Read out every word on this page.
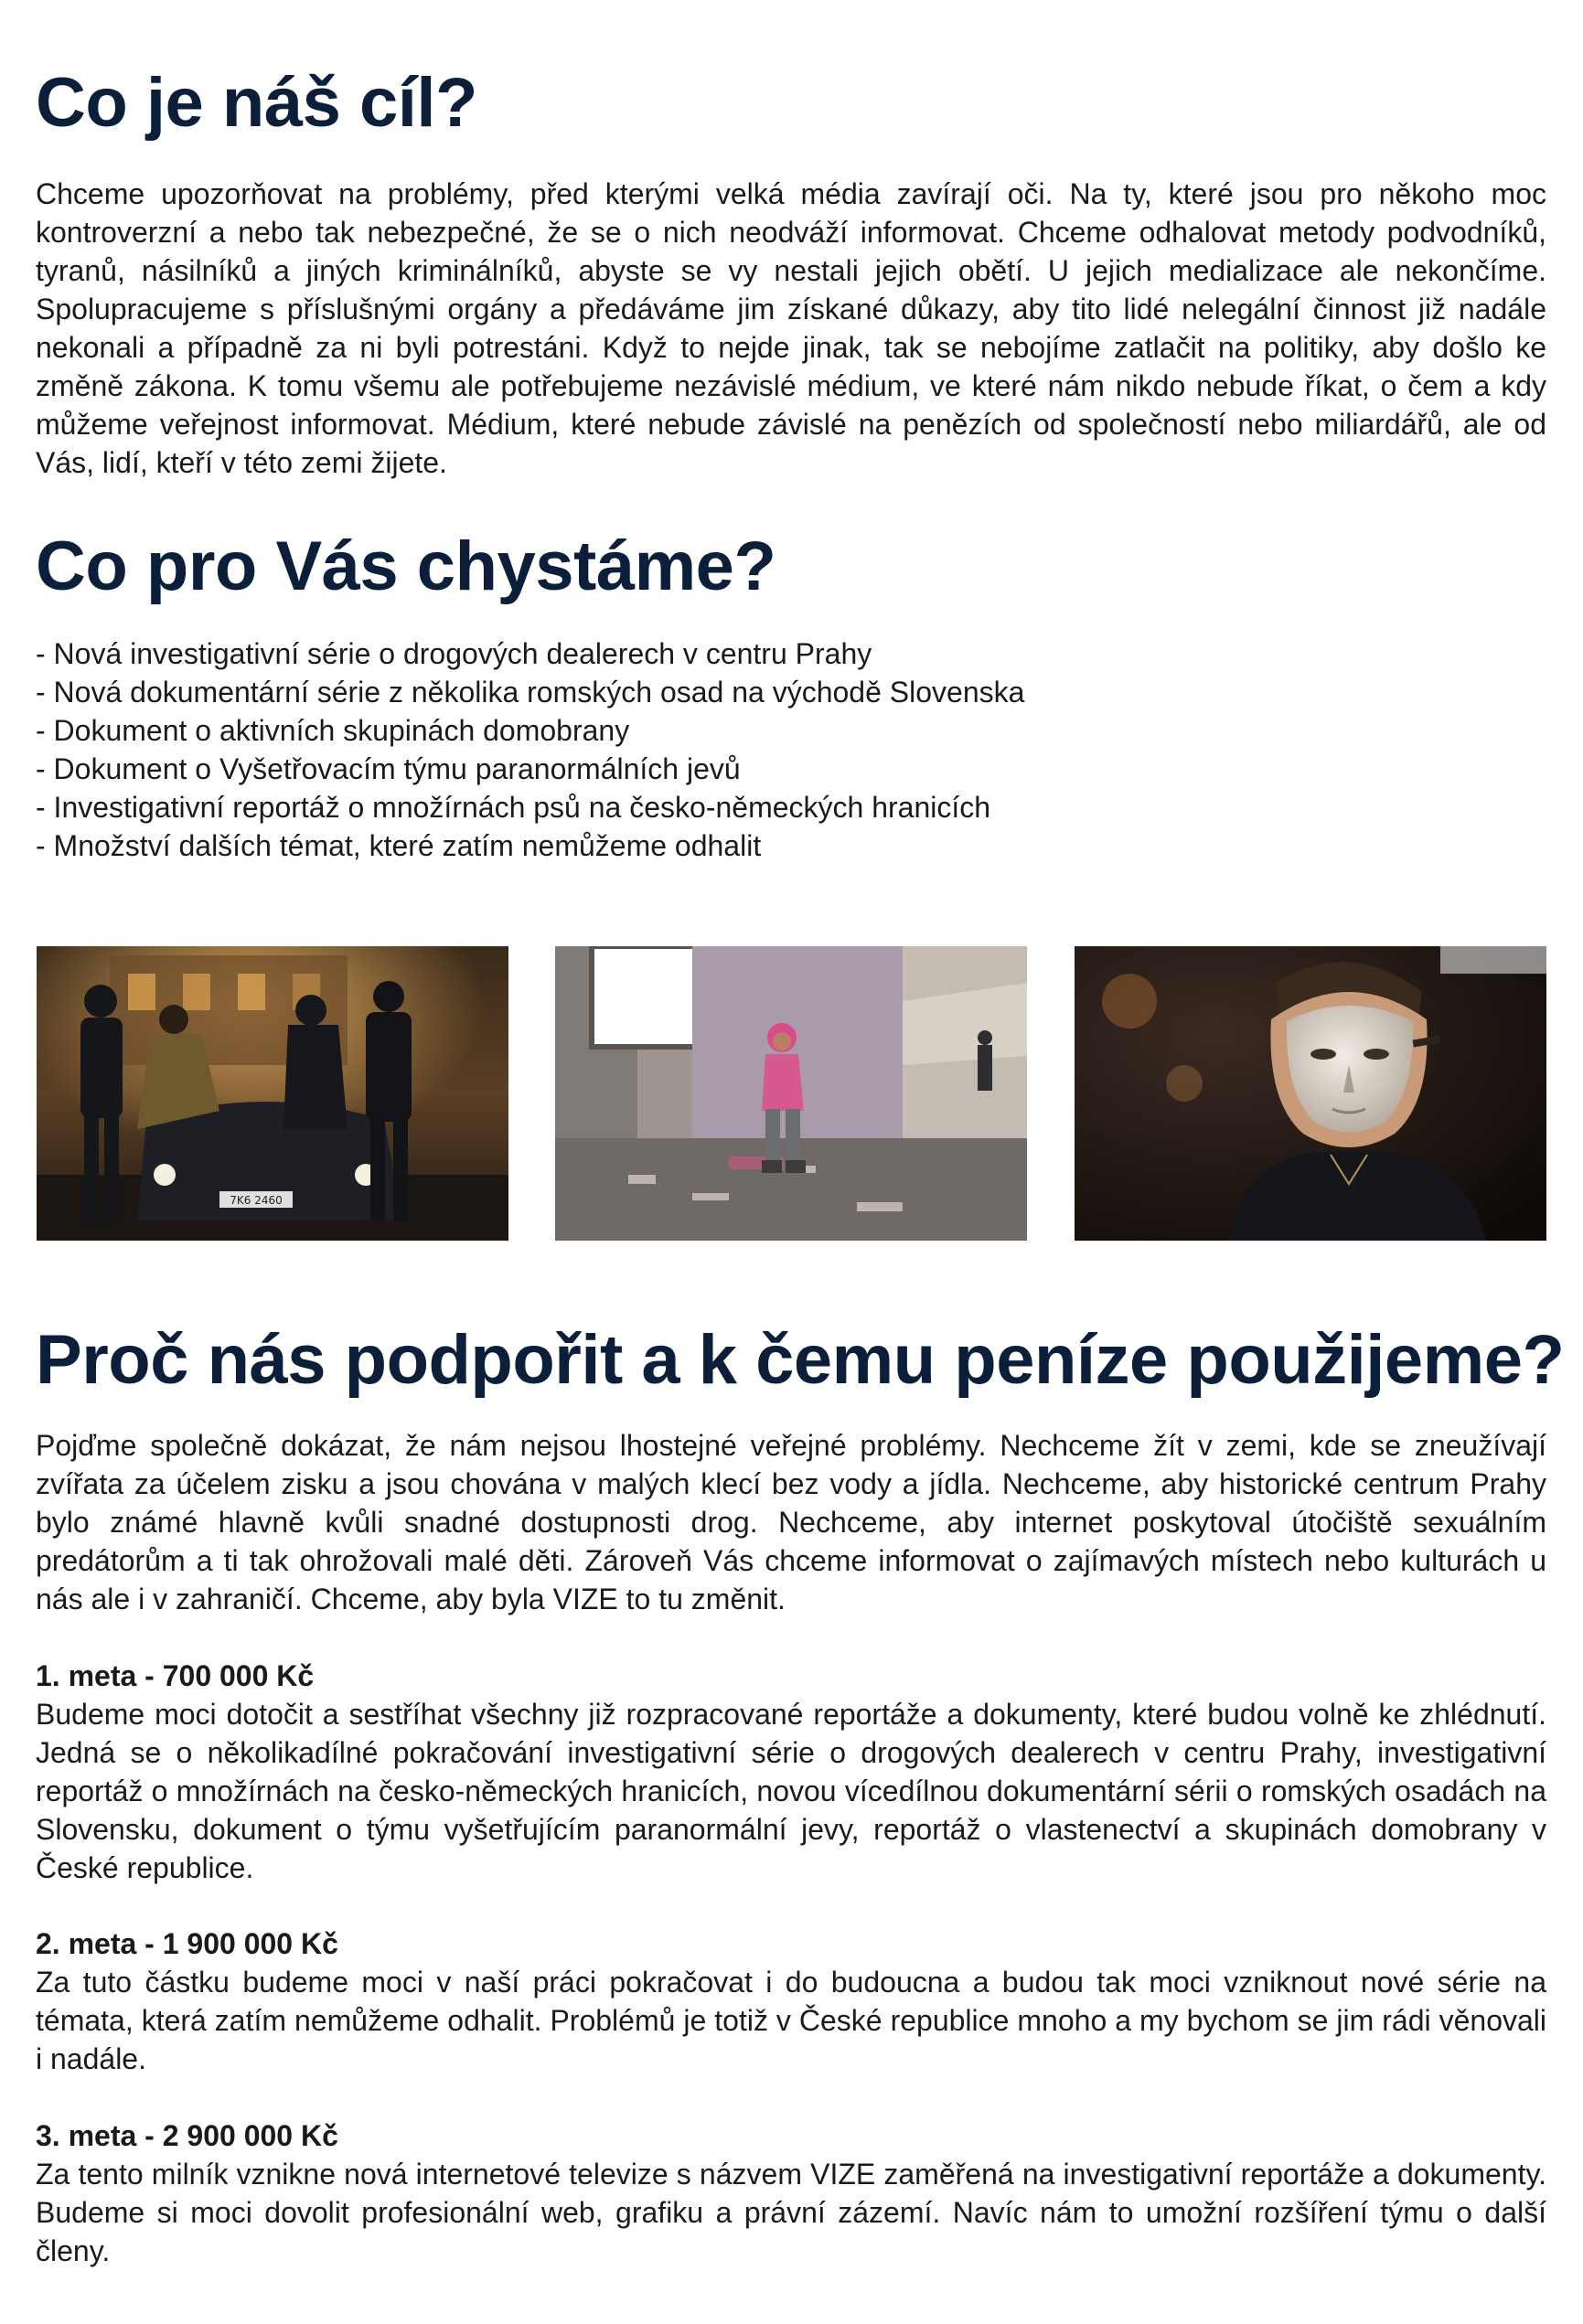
Co je náš cíl?

Chceme upozorňovat na problémy, před kterými velká média zavírají oči. Na ty, které jsou pro někoho moc kontroverzní a nebo tak nebezpečné, že se o nich neodváží informovat. Chceme odhalovat metody podvodníků, tyranů, násilníků a jiných kriminálníků, abyste se vy nestali jejich obětí. U jejich medializace ale nekončíme. Spolupracujeme s příslušnými orgány a předáváme jim získané důkazy, aby tito lidé nelegální činnost již nadále nekonali a případně za ni byli potrestáni. Když to nejde jinak, tak se nebojíme zatlačit na politiky, aby došlo ke změně zákona. K tomu všemu ale potřebujeme nezávislé médium, ve které nám nikdo nebude říkat, o čem a kdy můžeme veřejnost informovat. Médium, které nebude závislé na penězích od společností nebo miliardářů, ale od Vás, lidí, kteří v této zemi žijete.

Co pro Vás chystáme?
- Nová investigativní série o drogových dealerech v centru Prahy
- Nová dokumentární série z několika romských osad na východě Slovenska
- Dokument o aktivních skupinách domobrany
- Dokument o Vyšetřovacím týmu paranormálních jevů
- Investigativní reportáž o množírnách psů na česko-německých hranicích
- Množství dalších témat, které zatím nemůžeme odhalit
7K6 2460
Proč nás podpořit a k čemu peníze použijeme?

Pojďme společně dokázat, že nám nejsou lhostejné veřejné problémy. Nechceme žít v zemi, kde se zneužívají zvířata za účelem zisku a jsou chována v malých klecí bez vody a jídla. Nechceme, aby historické centrum Prahy bylo známé hlavně kvůli snadné dostupnosti drog. Nechceme, aby internet poskytoval útočiště sexuálním predátorům a ti tak ohrožovali malé děti. Zároveň Vás chceme informovat o zajímavých místech nebo kulturách u nás ale i v zahraničí. Chceme, aby byla VIZE to tu změnit.

1. meta - 700 000 Kč
Budeme moci dotočit a sestříhat všechny již rozpracované reportáže a dokumenty, které budou volně ke zhlédnutí. Jedná se o několikadílné pokračování investigativní série o drogových dealerech v centru Prahy, investigativní reportáž o množírnách na česko-německých hranicích, novou vícedílnou dokumentární sérii o romských osadách na Slovensku, dokument o týmu vyšetřujícím paranormální jevy, reportáž o vlastenectví a skupinách domobrany v České republice.
2. meta - 1 900 000 Kč
Za tuto částku budeme moci v naší práci pokračovat i do budoucna a budou tak moci vzniknout nové série na témata, která zatím nemůžeme odhalit. Problémů je totiž v České republice mnoho a my bychom se jim rádi věnovali i nadále.
3. meta - 2 900 000 Kč
Za tento milník vznikne nová internetové televize s názvem VIZE zaměřená na investigativní reportáže a dokumenty. Budeme si moci dovolit profesionální web, grafiku a právní zázemí. Navíc nám to umožní rozšíření týmu o další členy.
